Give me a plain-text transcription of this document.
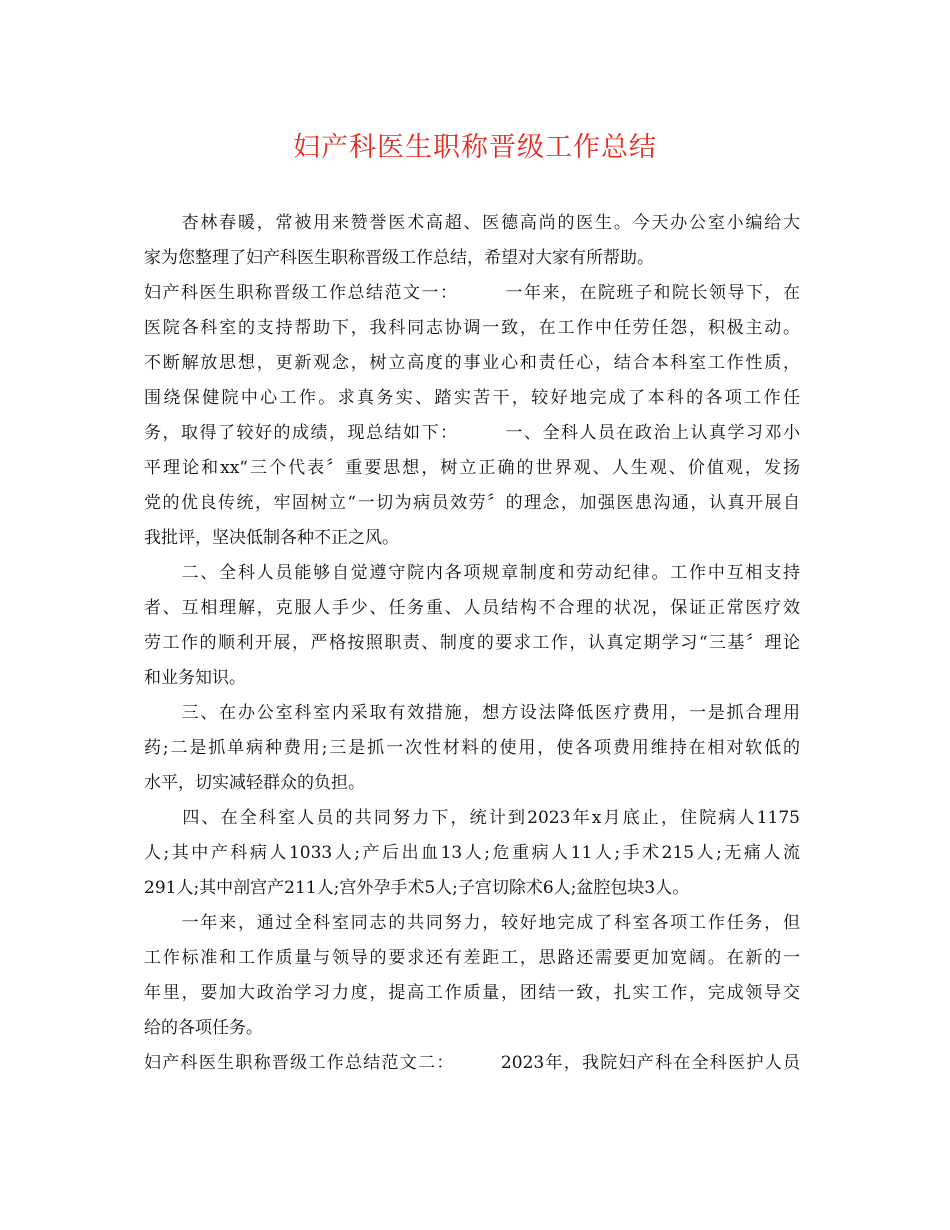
妇产科医生职称晋级工作总结
　　杏林春暖，常被用来赞誉医术高超、医德高尚的医生。今天办公室小编给大
家为您整理了妇产科医生职称晋级工作总结，希望对大家有所帮助。
妇产科医生职称晋级工作总结范文一：　　　一年来，在院班子和院长领导下，在
医院各科室的支持帮助下，我科同志协调一致，在工作中任劳任怨，积极主动。
不断解放思想，更新观念，树立高度的事业心和责任心，结合本科室工作性质，
围绕保健院中心工作。求真务实、踏实苦干，较好地完成了本科的各项工作任
务，取得了较好的成绩，现总结如下：　　　一、全科人员在政治上认真学习邓小
平理论和xx“三个代表〞重要思想，树立正确的世界观、人生观、价值观，发扬
党的优良传统，牢固树立“一切为病员效劳〞的理念，加强医患沟通，认真开展自
我批评，坚决低制各种不正之风。
　　二、全科人员能够自觉遵守院内各项规章制度和劳动纪律。工作中互相支持
者、互相理解，克服人手少、任务重、人员结构不合理的状况，保证正常医疗效
劳工作的顺利开展，严格按照职责、制度的要求工作，认真定期学习“三基〞理论
和业务知识。
　　三、在办公室科室内采取有效措施，想方设法降低医疗费用，一是抓合理用
药;二是抓单病种费用;三是抓一次性材料的使用，使各项费用维持在相对软低的
水平，切实减轻群众的负担。
　　四、在全科室人员的共同努力下，统计到2023年x月底止，住院病人1175
人;其中产科病人1033人;产后出血13人;危重病人11人;手术215人;无痛人流
291人;其中剖宫产211人;宫外孕手术5人;子宫切除术6人;盆腔包块3人。
　　一年来，通过全科室同志的共同努力，较好地完成了科室各项工作任务，但
工作标准和工作质量与领导的要求还有差距工，思路还需要更加宽阔。在新的一
年里，要加大政治学习力度，提高工作质量，团结一致，扎实工作，完成领导交
给的各项任务。
妇产科医生职称晋级工作总结范文二：　　　2023年，我院妇产科在全科医护人员
